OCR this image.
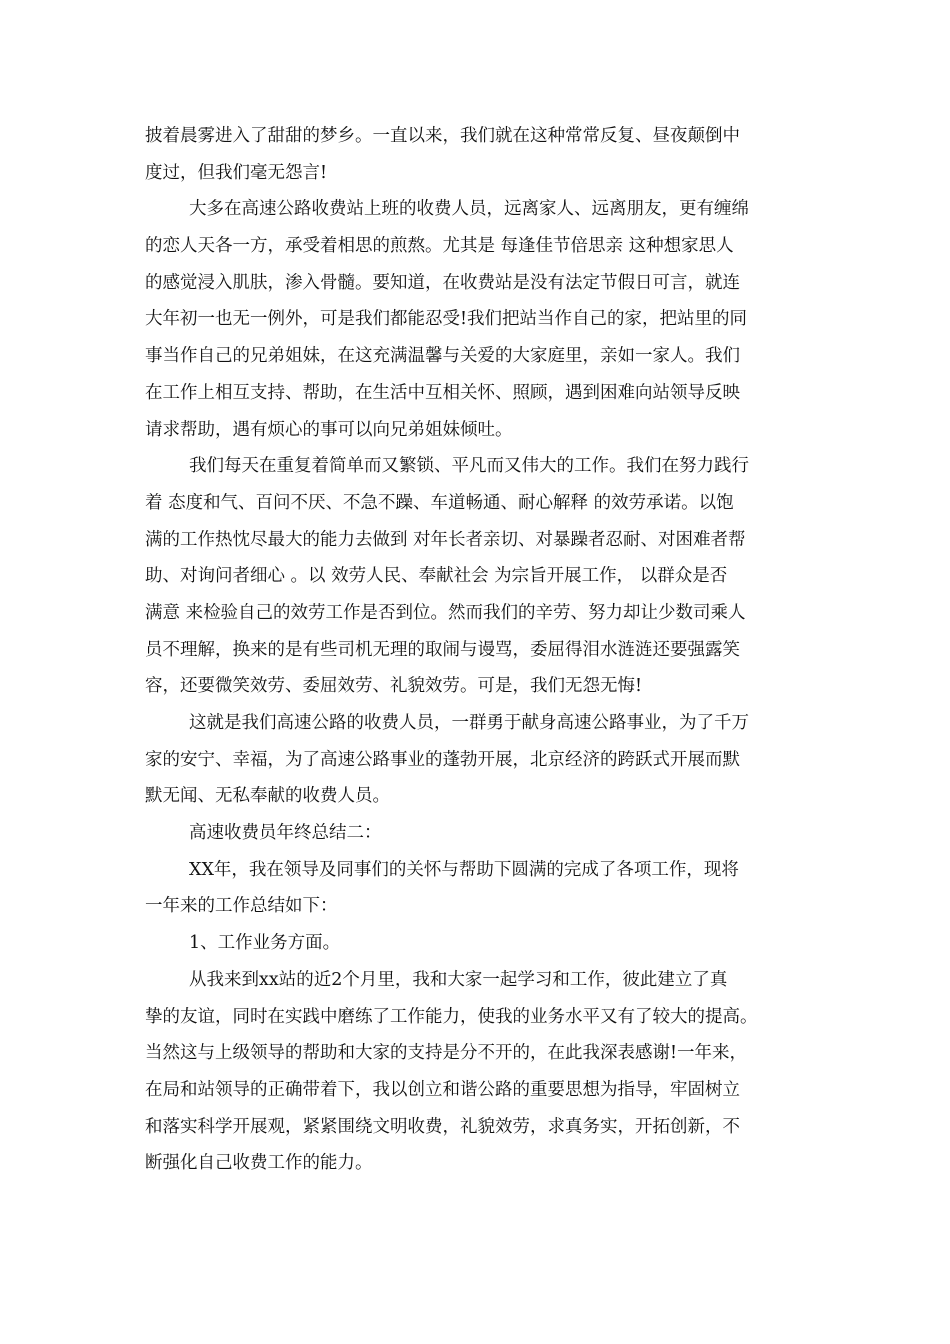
披着晨雾进入了甜甜的梦乡。一直以来，我们就在这种常常反复、昼夜颠倒中
度过，但我们毫无怨言!
大多在高速公路收费站上班的收费人员，远离家人、远离朋友，更有缠绵
的恋人天各一方，承受着相思的煎熬。尤其是 每逢佳节倍思亲 这种想家思人
的感觉浸入肌肤，渗入骨髓。要知道，在收费站是没有法定节假日可言，就连
大年初一也无一例外，可是我们都能忍受!我们把站当作自己的家，把站里的同
事当作自己的兄弟姐妹，在这充满温馨与关爱的大家庭里，亲如一家人。我们
在工作上相互支持、帮助，在生活中互相关怀、照顾，遇到困难向站领导反映
请求帮助，遇有烦心的事可以向兄弟姐妹倾吐。
我们每天在重复着简单而又繁锁、平凡而又伟大的工作。我们在努力践行
着 态度和气、百问不厌、不急不躁、车道畅通、耐心解释 的效劳承诺。以饱
满的工作热忱尽最大的能力去做到 对年长者亲切、对暴躁者忍耐、对困难者帮
助、对询问者细心 。以 效劳人民、奉献社会 为宗旨开展工作， 以群众是否
满意 来检验自己的效劳工作是否到位。然而我们的辛劳、努力却让少数司乘人
员不理解，换来的是有些司机无理的取闹与谩骂，委屈得泪水涟涟还要强露笑
容，还要微笑效劳、委屈效劳、礼貌效劳。可是，我们无怨无悔!
这就是我们高速公路的收费人员，一群勇于献身高速公路事业，为了千万
家的安宁、幸福，为了高速公路事业的蓬勃开展，北京经济的跨跃式开展而默
默无闻、无私奉献的收费人员。
高速收费员年终总结二：
XX年，我在领导及同事们的关怀与帮助下圆满的完成了各项工作，现将
一年来的工作总结如下：
1、工作业务方面。
从我来到xx站的近2个月里，我和大家一起学习和工作，彼此建立了真
挚的友谊，同时在实践中磨练了工作能力，使我的业务水平又有了较大的提高。
当然这与上级领导的帮助和大家的支持是分不开的，在此我深表感谢!一年来，
在局和站领导的正确带着下，我以创立和谐公路的重要思想为指导，牢固树立
和落实科学开展观，紧紧围绕文明收费，礼貌效劳，求真务实，开拓创新，不
断强化自己收费工作的能力。
